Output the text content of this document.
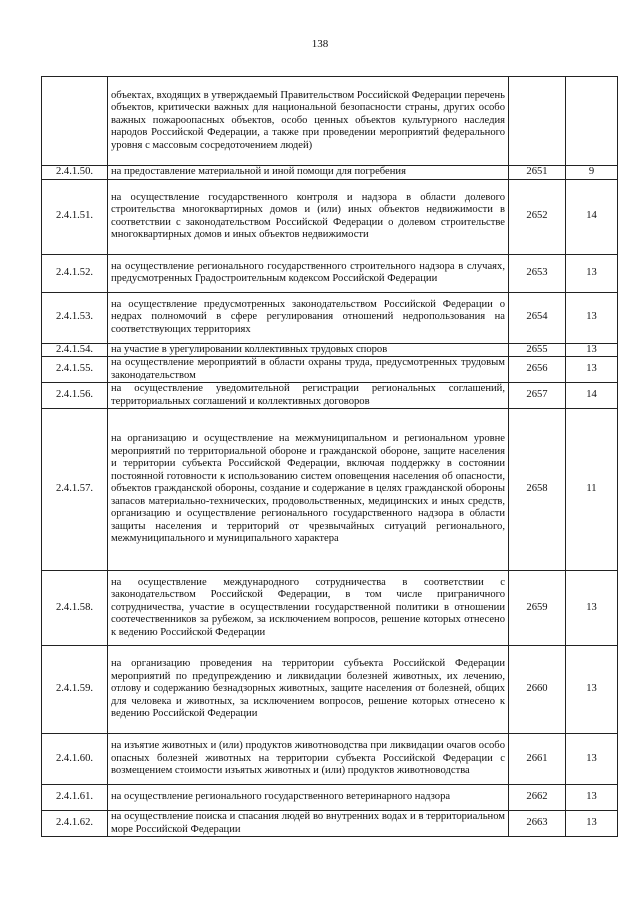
138
	объектах, входящих в утверждаемый Правительством Российской Федерации перечень объектов, критически важных для национальной безопасности страны, других особо важных пожароопасных объектов, особо ценных объектов культурного наследия народов Российской Федерации, а также при проведении мероприятий федерального уровня с массовым сосредоточением людей)		
2.4.1.50.	на предоставление материальной и иной помощи для погребения	2651	9
2.4.1.51.	на осуществление государственного контроля и надзора в области долевого строительства многоквартирных домов и (или) иных объектов недвижимости в соответствии с законодательством Российской Федерации о долевом строительстве многоквартирных домов и иных объектов недвижимости	2652	14
2.4.1.52.	на осуществление регионального государственного строительного надзора в случаях, предусмотренных Градостроительным кодексом Российской Федерации	2653	13
2.4.1.53.	на осуществление предусмотренных законодательством Российской Федерации о недрах полномочий в сфере регулирования отношений недропользования на соответствующих территориях	2654	13
2.4.1.54.	на участие в урегулировании коллективных трудовых споров	2655	13
2.4.1.55.	на осуществление мероприятий в области охраны труда, предусмотренных трудовым законодательством	2656	13
2.4.1.56.	на осуществление уведомительной регистрации региональных соглашений, территориальных соглашений и коллективных договоров	2657	14
2.4.1.57.	на организацию и осуществление на межмуниципальном и региональном уровне мероприятий по территориальной обороне и гражданской обороне, защите населения и территории субъекта Российской Федерации, включая поддержку в состоянии постоянной готовности к использованию систем оповещения населения об опасности, объектов гражданской обороны, создание и содержание в целях гражданской обороны запасов материально-технических, продовольственных, медицинских и иных средств, организацию и осуществление регионального государственного надзора в области защиты населения и территорий от чрезвычайных ситуаций регионального, межмуниципального и муниципального характера	2658	11
2.4.1.58.	на осуществление международного сотрудничества в соответствии с законодательством Российской Федерации, в том числе приграничного сотрудничества, участие в осуществлении государственной политики в отношении соотечественников за рубежом, за исключением вопросов, решение которых отнесено к ведению Российской Федерации	2659	13
2.4.1.59.	на организацию проведения на территории субъекта Российской Федерации мероприятий по предупреждению и ликвидации болезней животных, их лечению, отлову и содержанию безнадзорных животных, защите населения от болезней, общих для человека и животных, за исключением вопросов, решение которых отнесено к ведению Российской Федерации	2660	13
2.4.1.60.	на изъятие животных и (или) продуктов животноводства при ликвидации очагов особо опасных болезней животных на территории субъекта Российской Федерации с возмещением стоимости изъятых животных и (или) продуктов животноводства	2661	13
2.4.1.61.	на осуществление регионального государственного ветеринарного надзора	2662	13
2.4.1.62.	на осуществление поиска и спасания людей во внутренних водах и в территориальном море Российской Федерации	2663	13
